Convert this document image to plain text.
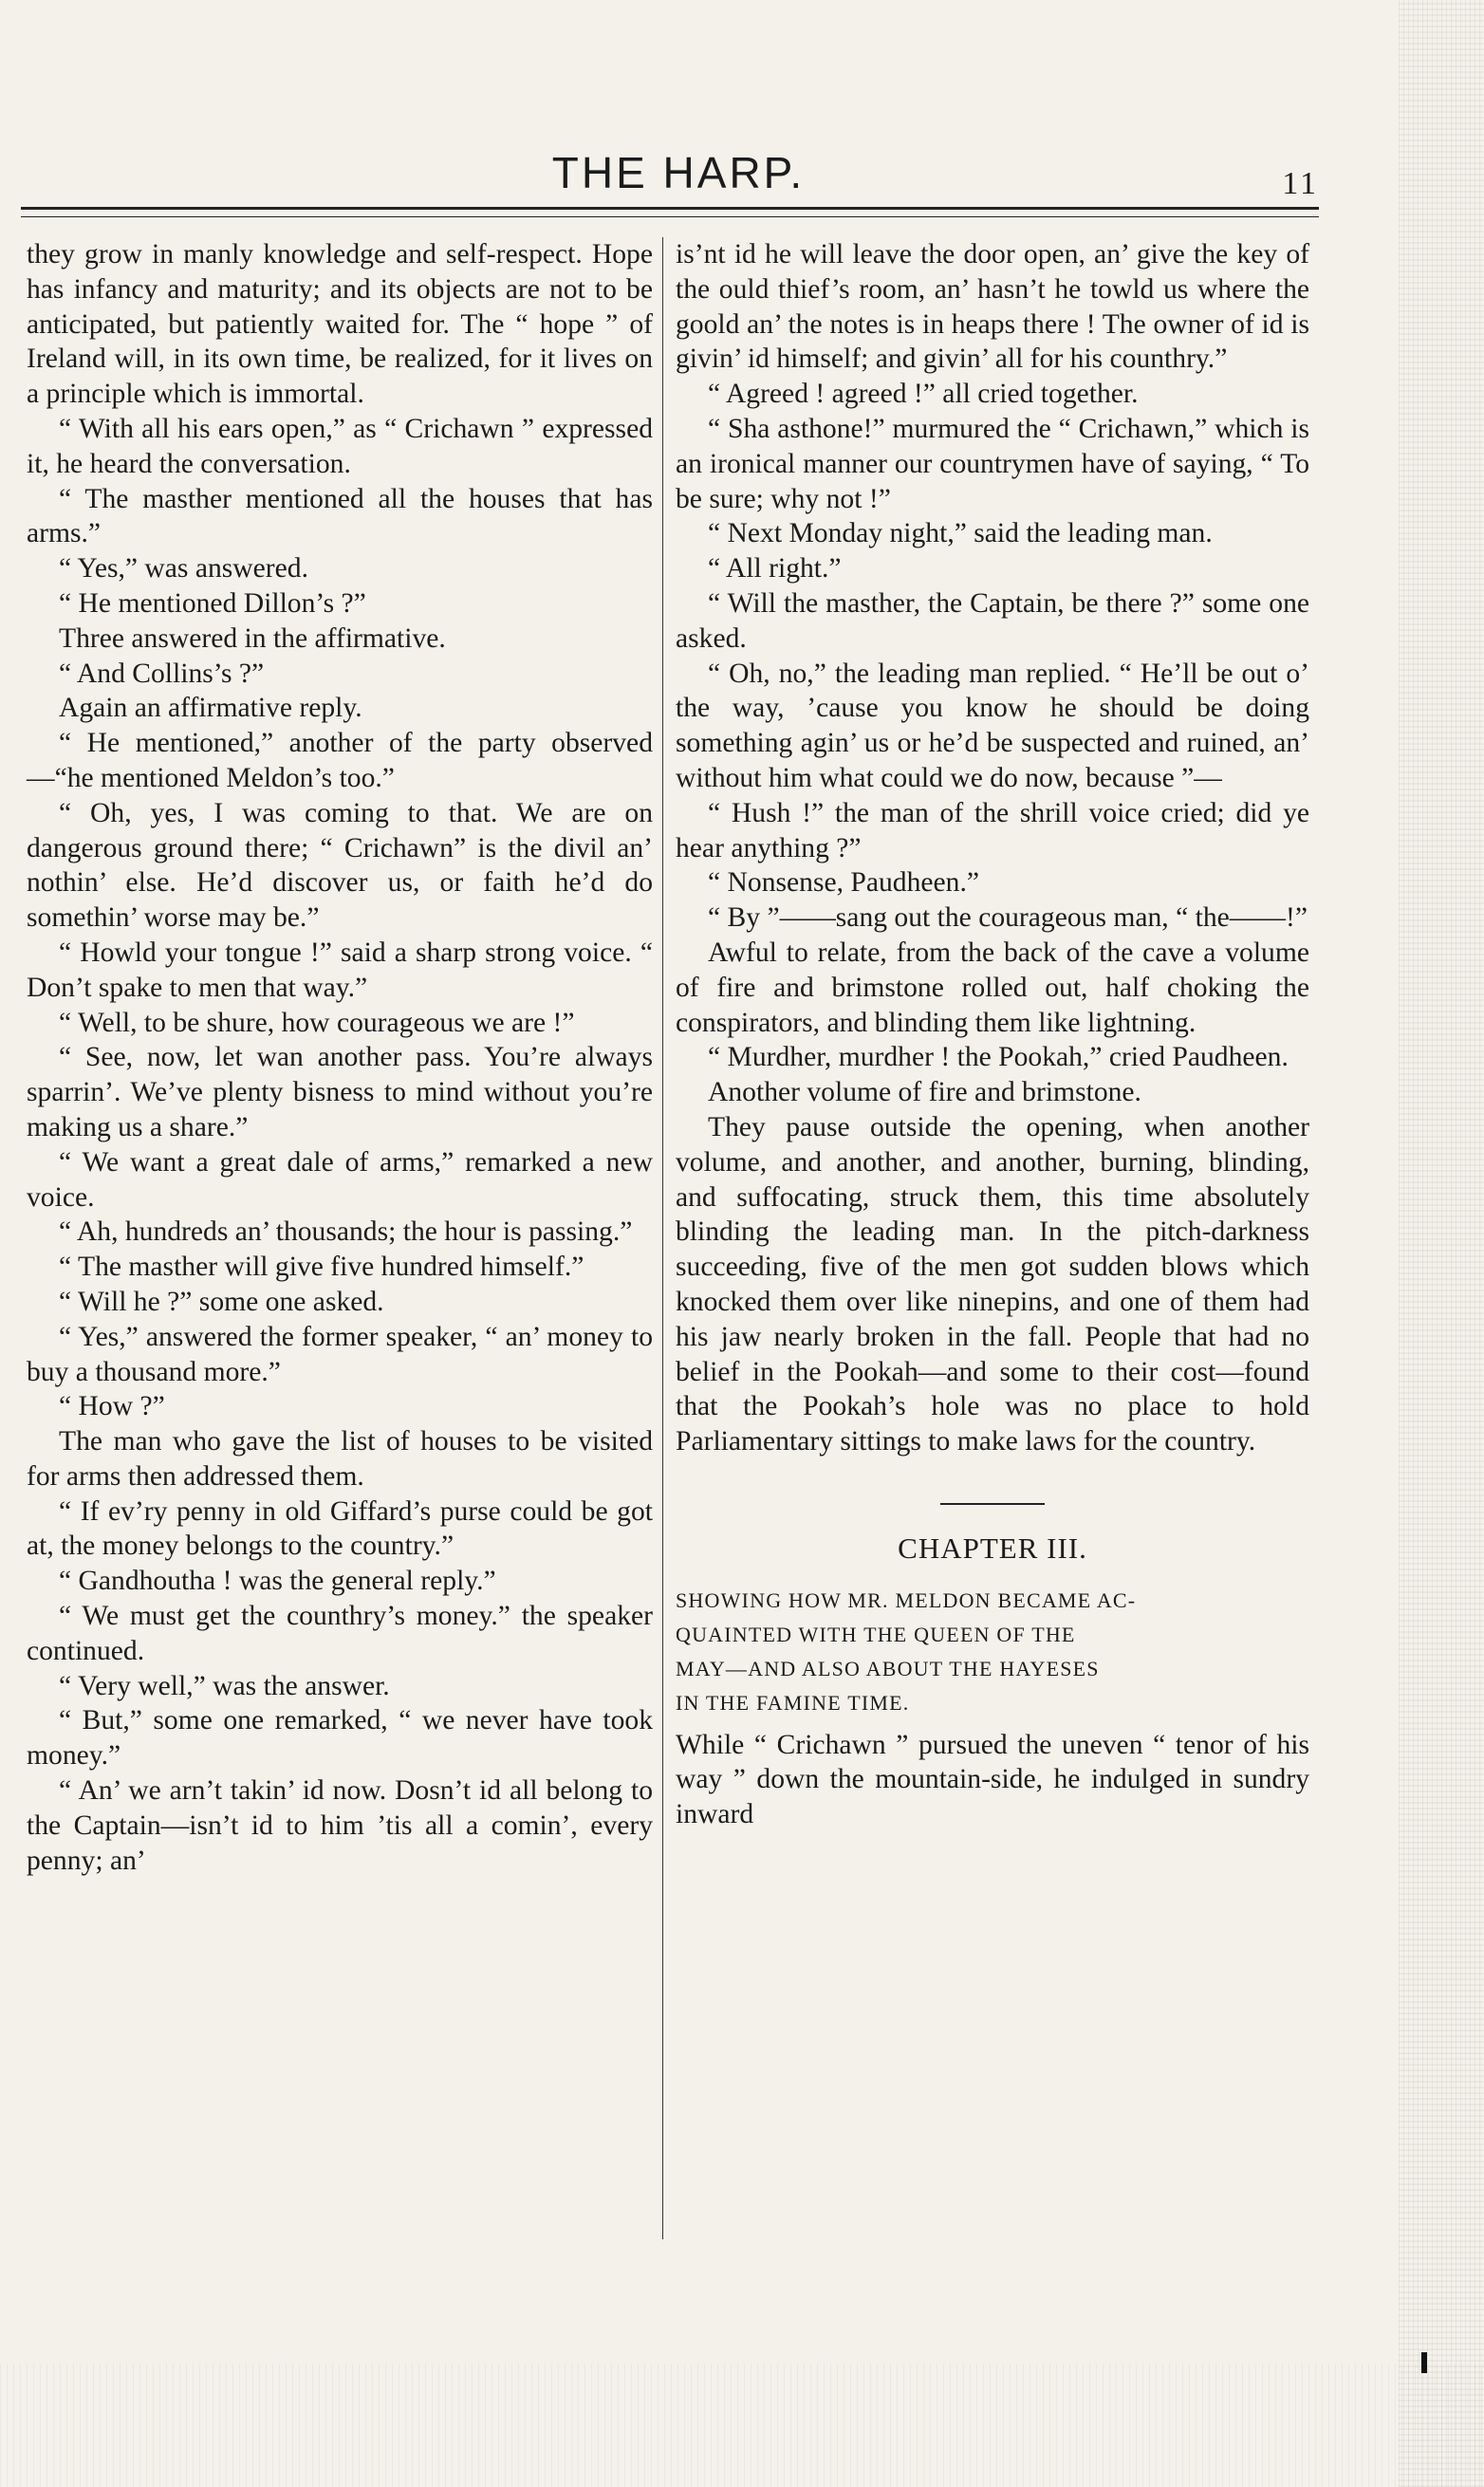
THE HARP.	11

they grow in manly knowledge and self-respect. Hope has infancy and maturity; and its objects are not to be anticipated, but patiently waited for. The “ hope ” of Ireland will, in its own time, be realized, for it lives on a principle which is immortal.

“ With all his ears open,” as “ Crichawn ” expressed it, he heard the conversation.

“ The masther mentioned all the houses that has arms.”

“ Yes,” was answered.

“ He mentioned Dillon’s ?”

Three answered in the affirmative.

“ And Collins’s ?”

Again an affirmative reply.

“ He mentioned,” another of the party observed—“he mentioned Meldon’s too.”

“ Oh, yes, I was coming to that. We are on dangerous ground there; “ Crichawn” is the divil an’ nothin’ else. He’d discover us, or faith he’d do somethin’ worse may be.”

“ Howld your tongue !” said a sharp strong voice. “ Don’t spake to men that way.”

“ Well, to be shure, how courageous we are !”

“ See, now, let wan another pass. You’re always sparrin’. We’ve plenty bisness to mind without you’re making us a share.”

“ We want a great dale of arms,” remarked a new voice.

“ Ah, hundreds an’ thousands; the hour is passing.”

“ The masther will give five hundred himself.”

“ Will he ?” some one asked.

“ Yes,” answered the former speaker, “ an’ money to buy a thousand more.”

“ How ?”

The man who gave the list of houses to be visited for arms then addressed them.

“ If ev’ry penny in old Giffard’s purse could be got at, the money belongs to the country.”

“ Gandhoutha ! was the general reply.”

“ We must get the counthry’s money.” the speaker continued.

“ Very well,” was the answer.

“ But,” some one remarked, “ we never have took money.”

“ An’ we arn’t takin’ id now. Dosn’t id all belong to the Captain—isn’t id to him ’tis all a comin’, every penny; an’

is’nt id he will leave the door open, an’ give the key of the ould thief’s room, an’ hasn’t he towld us where the goold an’ the notes is in heaps there ! The owner of id is givin’ id himself; and givin’ all for his counthry.”

“ Agreed ! agreed !” all cried together.

“ Sha asthone!” murmured the “ Crichawn,” which is an ironical manner our countrymen have of saying, “ To be sure; why not !”

“ Next Monday night,” said the leading man.

“ All right.”

“ Will the masther, the Captain, be there ?” some one asked.

“ Oh, no,” the leading man replied. “ He’ll be out o’ the way, ’cause you know he should be doing something agin’ us or he’d be suspected and ruined, an’ without him what could we do now, because ”—

“ Hush !” the man of the shrill voice cried; did ye hear anything ?”

“ Nonsense, Paudheen.”

“ By ”——sang out the courageous man, “ the——!”

Awful to relate, from the back of the cave a volume of fire and brimstone rolled out, half choking the conspirators, and blinding them like lightning.

“ Murdher, murdher ! the Pookah,” cried Paudheen.

Another volume of fire and brimstone.

They pause outside the opening, when another volume, and another, and another, burning, blinding, and suffocating, struck them, this time absolutely blinding the leading man. In the pitch-darkness succeeding, five of the men got sudden blows which knocked them over like ninepins, and one of them had his jaw nearly broken in the fall. People that had no belief in the Pookah—and some to their cost—found that the Pookah’s hole was no place to hold Parliamentary sittings to make laws for the country.

CHAPTER III.
SHOWING HOW MR. MELDON BECAME AC-
QUAINTED WITH THE QUEEN OF THE
MAY—AND ALSO ABOUT THE HAYESES
IN THE FAMINE TIME.

While “ Crichawn ” pursued the uneven “ tenor of his way ” down the mountain-side, he indulged in sundry inward
